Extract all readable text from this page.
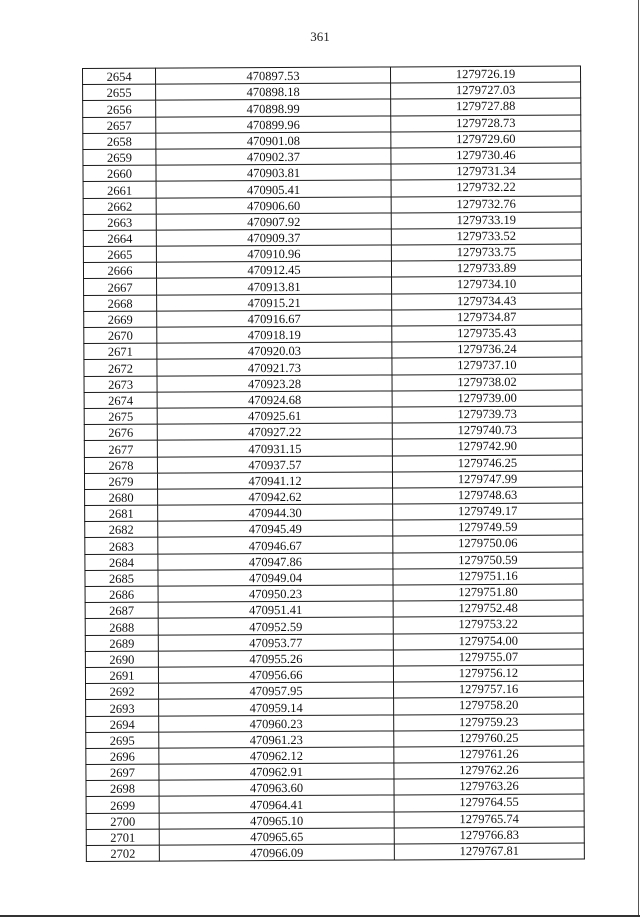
361
2654	470897.53	1279726.19
2655	470898.18	1279727.03
2656	470898.99	1279727.88
2657	470899.96	1279728.73
2658	470901.08	1279729.60
2659	470902.37	1279730.46
2660	470903.81	1279731.34
2661	470905.41	1279732.22
2662	470906.60	1279732.76
2663	470907.92	1279733.19
2664	470909.37	1279733.52
2665	470910.96	1279733.75
2666	470912.45	1279733.89
2667	470913.81	1279734.10
2668	470915.21	1279734.43
2669	470916.67	1279734.87
2670	470918.19	1279735.43
2671	470920.03	1279736.24
2672	470921.73	1279737.10
2673	470923.28	1279738.02
2674	470924.68	1279739.00
2675	470925.61	1279739.73
2676	470927.22	1279740.73
2677	470931.15	1279742.90
2678	470937.57	1279746.25
2679	470941.12	1279747.99
2680	470942.62	1279748.63
2681	470944.30	1279749.17
2682	470945.49	1279749.59
2683	470946.67	1279750.06
2684	470947.86	1279750.59
2685	470949.04	1279751.16
2686	470950.23	1279751.80
2687	470951.41	1279752.48
2688	470952.59	1279753.22
2689	470953.77	1279754.00
2690	470955.26	1279755.07
2691	470956.66	1279756.12
2692	470957.95	1279757.16
2693	470959.14	1279758.20
2694	470960.23	1279759.23
2695	470961.23	1279760.25
2696	470962.12	1279761.26
2697	470962.91	1279762.26
2698	470963.60	1279763.26
2699	470964.41	1279764.55
2700	470965.10	1279765.74
2701	470965.65	1279766.83
2702	470966.09	1279767.81
